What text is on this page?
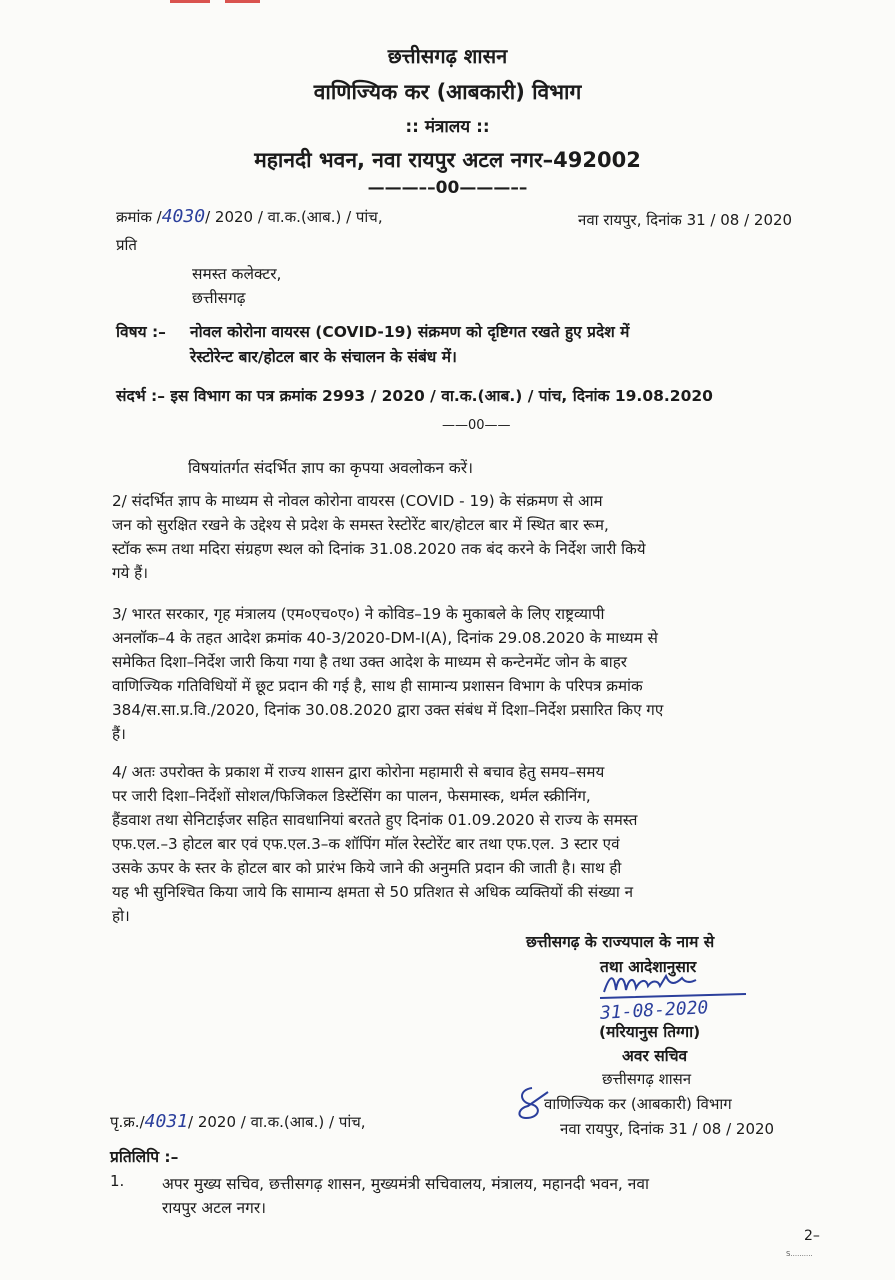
छत्तीसगढ़ शासन
वाणिज्यिक कर (आबकारी) विभाग
:: मंत्रालय ::
महानदी भवन, नवा रायपुर अटल नगर–492002
———––00———––
क्रमांक /4030/ 2020 / वा.क.(आब.) / पांच,	नवा रायपुर, दिनांक 31 / 08 / 2020
प्रति
समस्त कलेक्टर,
छत्तीसगढ़
विषय :– नोवल कोरोना वायरस (COVID-19) संक्रमण को दृष्टिगत रखते हुए प्रदेश में
रेस्टोरेन्ट बार/होटल बार के संचालन के संबंध में।
संदर्भ :– इस विभाग का पत्र क्रमांक 2993 / 2020 / वा.क.(आब.) / पांच, दिनांक 19.08.2020
——00——
विषयांतर्गत संदर्भित ज्ञाप का कृपया अवलोकन करें।
2/ संदर्भित ज्ञाप के माध्यम से नोवल कोरोना वायरस (COVID - 19) के संक्रमण से आम
जन को सुरक्षित रखने के उद्देश्य से प्रदेश के समस्त रेस्टोरेंट बार/होटल बार में स्थित बार रूम,
स्टॉक रूम तथा मदिरा संग्रहण स्थल को दिनांक 31.08.2020 तक बंद करने के निर्देश जारी किये
गये हैं।
3/ भारत सरकार, गृह मंत्रालय (एम०एच०ए०) ने कोविड–19 के मुकाबले के लिए राष्ट्रव्यापी
अनलॉक–4 के तहत आदेश क्रमांक 40-3/2020-DM-I(A), दिनांक 29.08.2020 के माध्यम से
समेकित दिशा–निर्देश जारी किया गया है तथा उक्त आदेश के माध्यम से कन्टेनमेंट जोन के बाहर
वाणिज्यिक गतिविधियों में छूट प्रदान की गई है, साथ ही सामान्य प्रशासन विभाग के परिपत्र क्रमांक
384/स.सा.प्र.वि./2020, दिनांक 30.08.2020 द्वारा उक्त संबंध में दिशा–निर्देश प्रसारित किए गए
हैं।
4/ अतः उपरोक्त के प्रकाश में राज्य शासन द्वारा कोरोना महामारी से बचाव हेतु समय–समय
पर जारी दिशा–निर्देशों सोशल/फिजिकल डिस्टेंसिंग का पालन, फेसमास्क, थर्मल स्क्रीनिंग,
हैंडवाश तथा सेनिटाईजर सहित सावधानियां बरतते हुए दिनांक 01.09.2020 से राज्य के समस्त
एफ.एल.–3 होटल बार एवं एफ.एल.3–क शॉपिंग मॉल रेस्टोरेंट बार तथा एफ.एल. 3 स्टार एवं
उसके ऊपर के स्तर के होटल बार को प्रारंभ किये जाने की अनुमति प्रदान की जाती है। साथ ही
यह भी सुनिश्चित किया जाये कि सामान्य क्षमता से 50 प्रतिशत से अधिक व्यक्तियों की संख्या न
हो।
छत्तीसगढ़ के राज्यपाल के नाम से
तथा आदेशानुसार
31-08-2020
(मरियानुस तिग्गा)
अवर सचिव
छत्तीसगढ़ शासन
वाणिज्यिक कर (आबकारी) विभाग
नवा रायपुर, दिनांक 31 / 08 / 2020
पृ.क्र./4031/ 2020 / वा.क.(आब.) / पांच,
प्रतिलिपि :–
1. अपर मुख्य सचिव, छत्तीसगढ़ शासन, मुख्यमंत्री सचिवालय, मंत्रालय, महानदी भवन, नवा
रायपुर अटल नगर।
2–
S..........
